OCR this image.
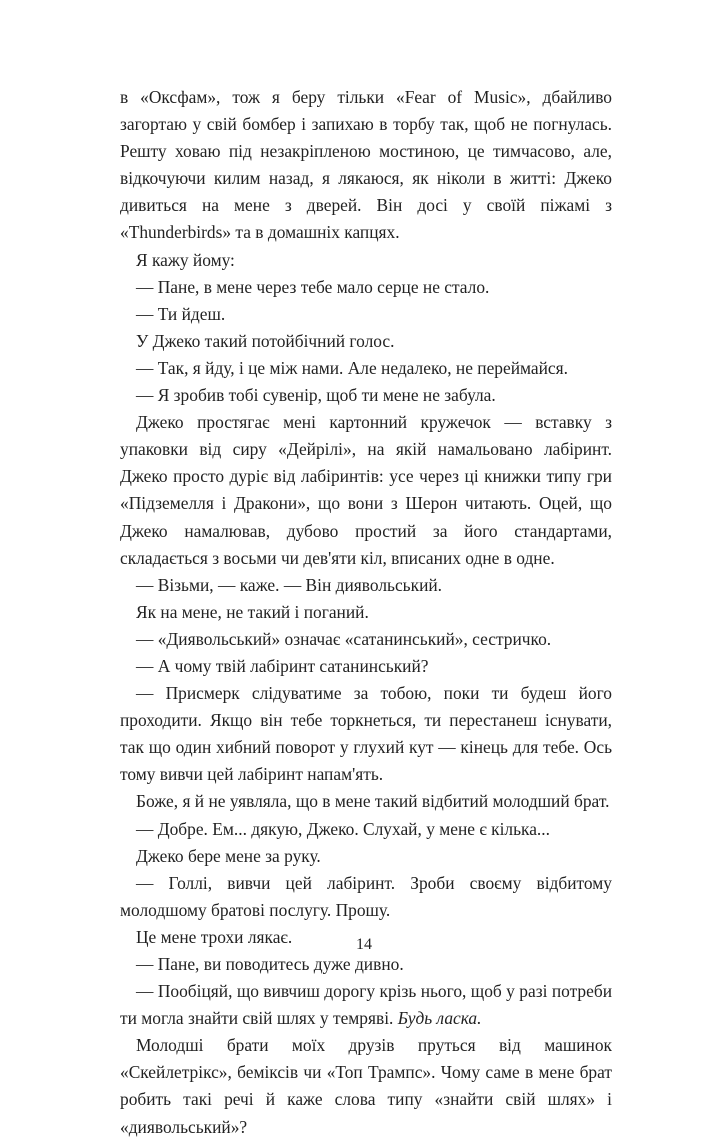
в «Оксфам», тож я беру тільки «Fear of Music», дбайливо загортаю у свій бомбер і запихаю в торбу так, щоб не погнулась. Решту ховаю під незакріпленою мостиною, це тимчасово, але, відкочуючи килим назад, я лякаюся, як ніколи в житті: Джеко дивиться на мене з дверей. Він досі у своїй піжамі з «Thunderbirds» та в домашніх капцях.

Я кажу йому:

— Пане, в мене через тебе мало серце не стало.

— Ти йдеш.

У Джеко такий потойбічний голос.

— Так, я йду, і це між нами. Але недалеко, не переймайся.

— Я зробив тобі сувенір, щоб ти мене не забула.

Джеко простягає мені картонний кружечок — вставку з упаковки від сиру «Дейрілі», на якій намальовано лабіринт. Джеко просто дуріє від лабіринтів: усе через ці книжки типу гри «Підземелля і Дракони», що вони з Шерон читають. Оцей, що Джеко намалював, дубово простий за його стандартами, складається з восьми чи дев'яти кіл, вписаних одне в одне.

— Візьми, — каже. — Він диявольський.

Як на мене, не такий і поганий.

— «Диявольський» означає «сатанинський», сестричко.

— А чому твій лабіринт сатанинський?

— Присмерк слідуватиме за тобою, поки ти будеш його проходити. Якщо він тебе торкнеться, ти перестанеш існувати, так що один хибний поворот у глухий кут — кінець для тебе. Ось тому вивчи цей лабіринт напам'ять.

Боже, я й не уявляла, що в мене такий відбитий молодший брат.

— Добре. Ем... дякую, Джеко. Слухай, у мене є кілька...

Джеко бере мене за руку.

— Голлі, вивчи цей лабіринт. Зроби своєму відбитому молодшому братові послугу. Прошу.

Це мене трохи лякає.

— Пане, ви поводитесь дуже дивно.

— Пообіцяй, що вивчиш дорогу крізь нього, щоб у разі потреби ти могла знайти свій шлях у темряві. Будь ласка.

Молодші брати моїх друзів пруться від машинок «Скейлетрікс», беміксів чи «Топ Трампс». Чому саме в мене брат робить такі речі й каже слова типу «знайти свій шлях» і «диявольський»?

14
